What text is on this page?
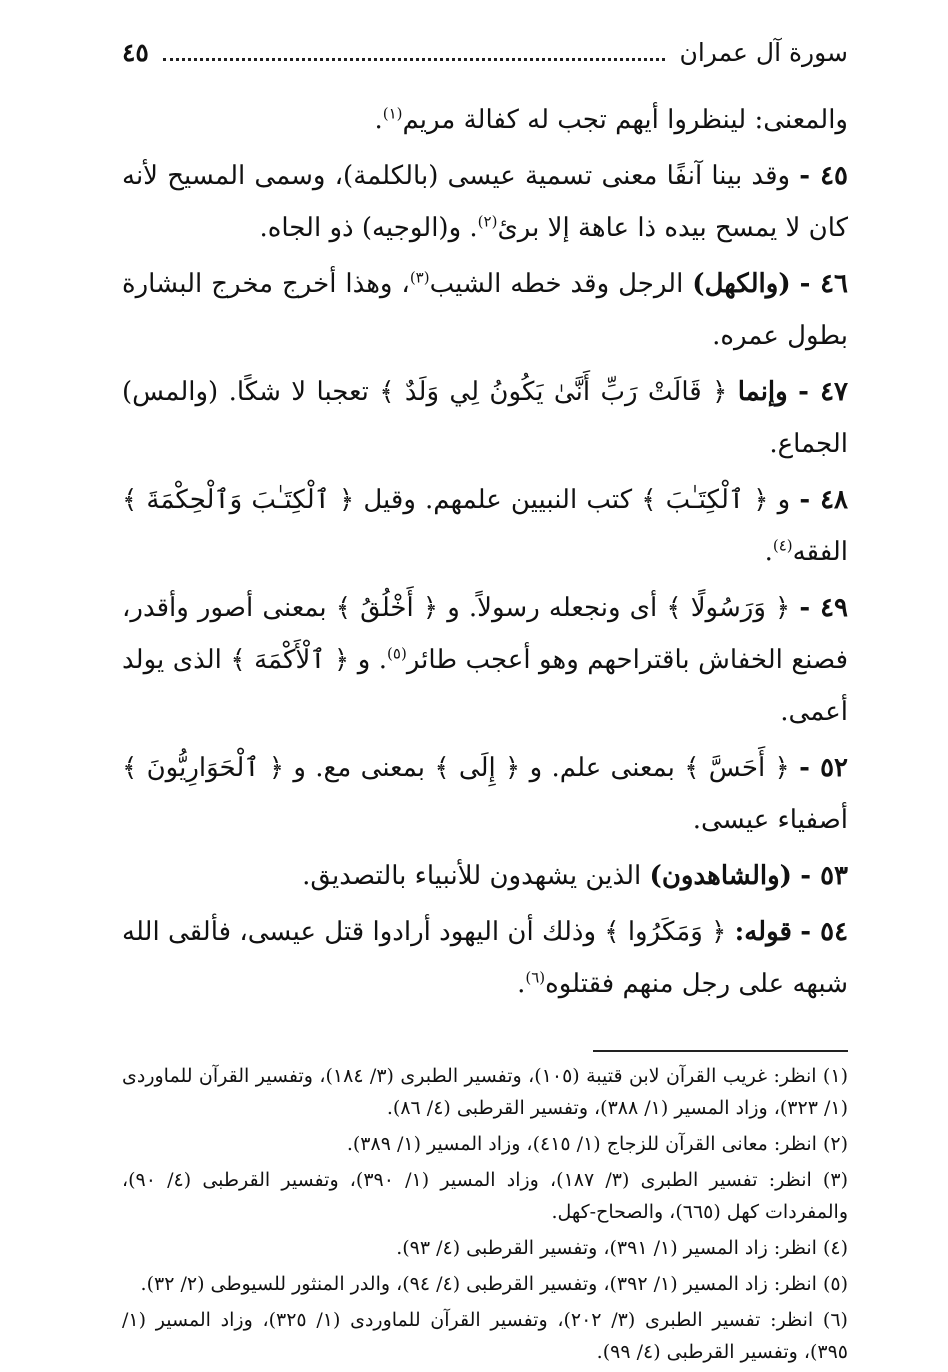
سورة آل عمران
٤٥

والمعنى: لينظروا أيهم تجب له كفالة مريم$^{(١)}$.

٤٥ - وقد بينا آنفًا معنى تسمية عيسى (بالكلمة)، وسمى المسيح لأنه كان لا يمسح بيده ذا عاهة إلا برئ$^{(٢)}$. و(الوجيه) ذو الجاه.

٤٦ - (والكهل) الرجل وقد خطه الشيب$^{(٣)}$، وهذا أخرج مخرج البشارة بطول عمره.

٤٧ - وإنما ﴿ قَالَتْ رَبِّ أَنَّىٰ يَكُونُ لِي وَلَدٌ ﴾ تعجبا لا شكًا. (والمس) الجماع.

٤٨ - و ﴿ ٱلْكِتَـٰبَ ﴾ كتب النبيين علمهم. وقيل ﴿ ٱلْكِتَـٰبَ وَٱلْحِكْمَةَ ﴾ الفقه$^{(٤)}$.

٤٩ - ﴿ وَرَسُولًا ﴾ أى ونجعله رسولاً. و ﴿ أَخْلُقُ ﴾ بمعنى أصور وأقدر، فصنع الخفاش باقتراحهم وهو أعجب طائر$^{(٥)}$. و ﴿ ٱلْأَكْمَهَ ﴾ الذى يولد أعمى.

٥٢ - ﴿ أَحَسَّ ﴾ بمعنى علم. و ﴿ إِلَى ﴾ بمعنى مع. و ﴿ ٱلْحَوَارِيُّونَ ﴾ أصفياء عيسى.

٥٣ - (والشاهدون) الذين يشهدون للأنبياء بالتصديق.

٥٤ - قوله: ﴿ وَمَكَرُوا ﴾ وذلك أن اليهود أرادوا قتل عيسى، فألقى الله شبهه على رجل منهم فقتلوه$^{(٦)}$.

(١) انظر: غريب القرآن لابن قتيبة (١٠٥)، وتفسير الطبرى (٣/ ١٨٤)، وتفسير القرآن للماوردى (١/ ٣٢٣)، وزاد المسير (١/ ٣٨٨)، وتفسير القرطبى (٤/ ٨٦).

(٢) انظر: معانى القرآن للزجاج (١/ ٤١٥)، وزاد المسير (١/ ٣٨٩).

(٣) انظر: تفسير الطبرى (٣/ ١٨٧)، وزاد المسير (١/ ٣٩٠)، وتفسير القرطبى (٤/ ٩٠)، والمفردات كهل (٦٦٥)، والصحاح-كهل.

(٤) انظر: زاد المسير (١/ ٣٩١)، وتفسير القرطبى (٤/ ٩٣).

(٥) انظر: زاد المسير (١/ ٣٩٢)، وتفسير القرطبى (٤/ ٩٤)، والدر المنثور للسيوطى (٢/ ٣٢).

(٦) انظر: تفسير الطبرى (٣/ ٢٠٢)، وتفسير القرآن للماوردى (١/ ٣٢٥)، وزاد المسير (١/ ٣٩٥)، وتفسير القرطبى (٤/ ٩٩).
